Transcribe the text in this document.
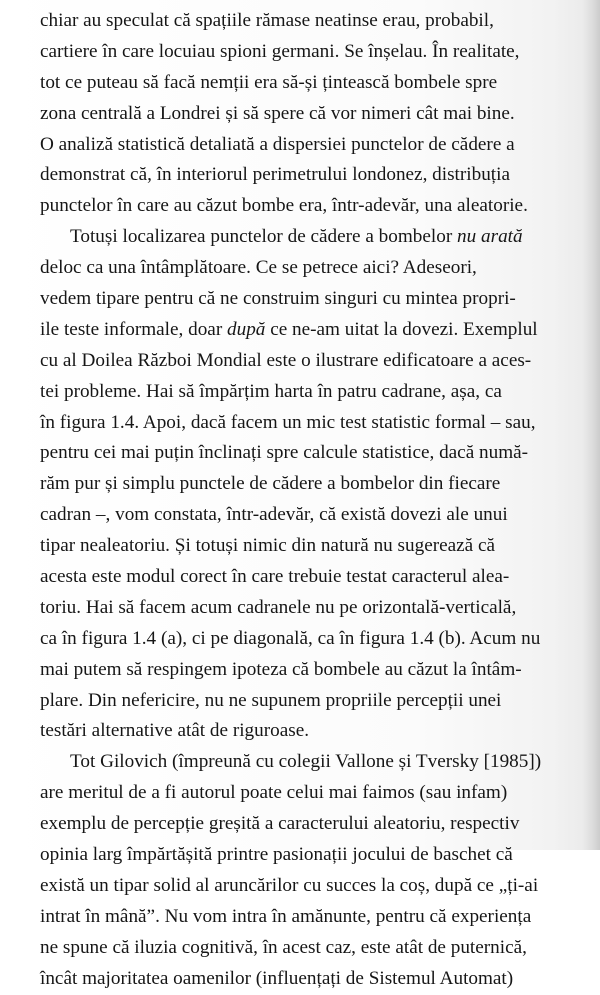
chiar au speculat că spațiile rămase neatinse erau, probabil,
cartiere în care locuiau spioni germani. Se înșelau. În realitate,
tot ce puteau să facă nemții era să-și țintească bombele spre
zona centrală a Londrei și să spere că vor nimeri cât mai bine.
O analiză statistică detaliată a dispersiei punctelor de cădere a
demonstrat că, în interiorul perimetrului londonez, distribuția
punctelor în care au căzut bombe era, într-adevăr, una aleatorie.
Totuși localizarea punctelor de cădere a bombelor nu arată
deloc ca una întâmplătoare. Ce se petrece aici? Adeseori,
vedem tipare pentru că ne construim singuri cu mintea propri-
ile teste informale, doar după ce ne-am uitat la dovezi. Exemplul
cu al Doilea Război Mondial este o ilustrare edificatoare a aces-
tei probleme. Hai să împărțim harta în patru cadrane, așa, ca
în figura 1.4. Apoi, dacă facem un mic test statistic formal – sau,
pentru cei mai puțin înclinați spre calcule statistice, dacă numă-
răm pur și simplu punctele de cădere a bombelor din fiecare
cadran –, vom constata, într-adevăr, că există dovezi ale unui
tipar nealeatoriu. Și totuși nimic din natură nu sugerează că
acesta este modul corect în care trebuie testat caracterul alea-
toriu. Hai să facem acum cadranele nu pe orizontală-verticală,
ca în figura 1.4 (a), ci pe diagonală, ca în figura 1.4 (b). Acum nu
mai putem să respingem ipoteza că bombele au căzut la întâm-
plare. Din nefericire, nu ne supunem propriile percepții unei
testări alternative atât de riguroase.
Tot Gilovich (împreună cu colegii Vallone și Tversky [1985])
are meritul de a fi autorul poate celui mai faimos (sau infam)
exemplu de percepție greșită a caracterului aleatoriu, respectiv
opinia larg împărtășită printre pasionații jocului de baschet că
există un tipar solid al aruncărilor cu succes la coș, după ce „ți-ai
intrat în mână”. Nu vom intra în amănunte, pentru că experiența
ne spune că iluzia cognitivă, în acest caz, este atât de puternică,
încât majoritatea oamenilor (influențați de Sistemul Automat)
